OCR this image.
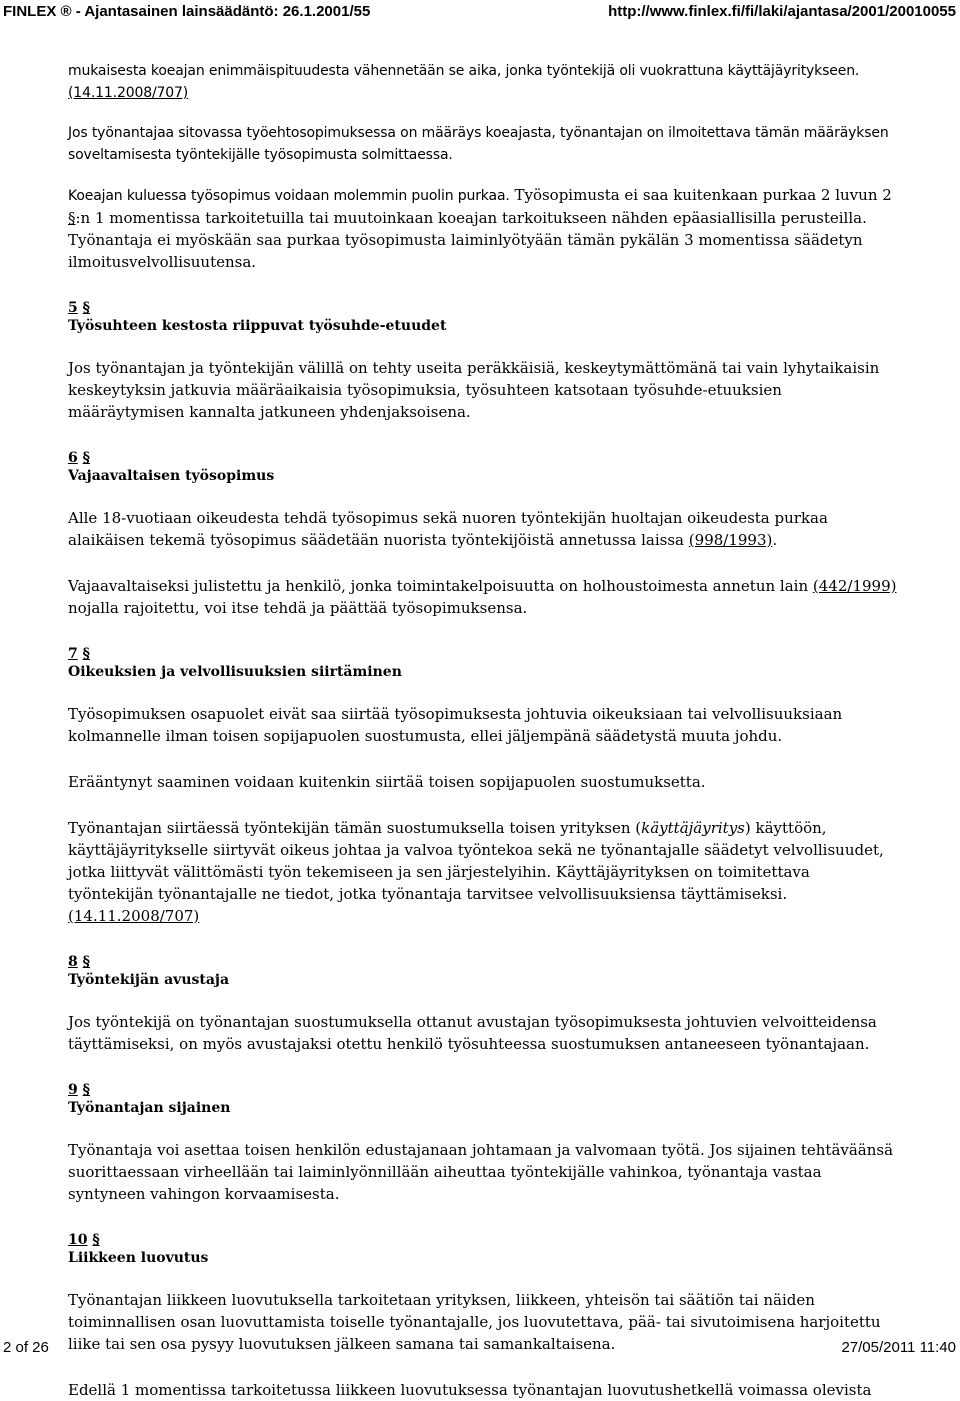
FINLEX ® - Ajantasainen lainsäädäntö: 26.1.2001/55	http://www.finlex.fi/fi/laki/ajantasa/2001/20010055

mukaisesta koeajan enimmäispituudesta vähennetään se aika, jonka työntekijä oli vuokrattuna käyttäjäyritykseen. (14.11.2008/707)

Jos työnantajaa sitovassa työehtosopimuksessa on määräys koeajasta, työnantajan on ilmoitettava tämän määräyksen soveltamisesta työntekijälle työsopimusta solmittaessa.

Koeajan kuluessa työsopimus voidaan molemmin puolin purkaa. Työsopimusta ei saa kuitenkaan purkaa 2 luvun 2 §:n 1 momentissa tarkoitetuilla tai muutoinkaan koeajan tarkoitukseen nähden epäasiallisilla perusteilla. Työnantaja ei myöskään saa purkaa työsopimusta laiminlyötyään tämän pykälän 3 momentissa säädetyn ilmoitusvelvollisuutensa.

5 §

Työsuhteen kestosta riippuvat työsuhde-etuudet

Jos työnantajan ja työntekijän välillä on tehty useita peräkkäisiä, keskeytymättömänä tai vain lyhytaikaisin keskeytyksin jatkuvia määräaikaisia työsopimuksia, työsuhteen katsotaan työsuhde-etuuksien määräytymisen kannalta jatkuneen yhdenjaksoisena.

6 §

Vajaavaltaisen työsopimus

Alle 18-vuotiaan oikeudesta tehdä työsopimus sekä nuoren työntekijän huoltajan oikeudesta purkaa alaikäisen tekemä työsopimus säädetään nuorista työntekijöistä annetussa laissa (998/1993).

Vajaavaltaiseksi julistettu ja henkilö, jonka toimintakelpoisuutta on holhoustoimesta annetun lain (442/1999) nojalla rajoitettu, voi itse tehdä ja päättää työsopimuksensa.

7 §

Oikeuksien ja velvollisuuksien siirtäminen

Työsopimuksen osapuolet eivät saa siirtää työsopimuksesta johtuvia oikeuksiaan tai velvollisuuksiaan kolmannelle ilman toisen sopijapuolen suostumusta, ellei jäljempänä säädetystä muuta johdu.

Erääntynyt saaminen voidaan kuitenkin siirtää toisen sopijapuolen suostumuksetta.

Työnantajan siirtäessä työntekijän tämän suostumuksella toisen yrityksen (käyttäjäyritys) käyttöön, käyttäjäyritykselle siirtyvät oikeus johtaa ja valvoa työntekoa sekä ne työnantajalle säädetyt velvollisuudet, jotka liittyvät välittömästi työn tekemiseen ja sen järjestelyihin. Käyttäjäyrityksen on toimitettava työntekijän työnantajalle ne tiedot, jotka työnantaja tarvitsee velvollisuuksiensa täyttämiseksi. (14.11.2008/707)

8 §

Työntekijän avustaja

Jos työntekijä on työnantajan suostumuksella ottanut avustajan työsopimuksesta johtuvien velvoitteidensa täyttämiseksi, on myös avustajaksi otettu henkilö työsuhteessa suostumuksen antaneeseen työnantajaan.

9 §

Työnantajan sijainen

Työnantaja voi asettaa toisen henkilön edustajanaan johtamaan ja valvomaan työtä. Jos sijainen tehtäväänsä suorittaessaan virheellään tai laiminlyönnillään aiheuttaa työntekijälle vahinkoa, työnantaja vastaa syntyneen vahingon korvaamisesta.

10 §

Liikkeen luovutus

Työnantajan liikkeen luovutuksella tarkoitetaan yrityksen, liikkeen, yhteisön tai säätiön tai näiden toiminnallisen osan luovuttamista toiselle työnantajalle, jos luovutettava, pää- tai sivutoimisena harjoitettu liike tai sen osa pysyy luovutuksen jälkeen samana tai samankaltaisena.

Edellä 1 momentissa tarkoitetussa liikkeen luovutuksessa työnantajan luovutushetkellä voimassa olevista

2 of 26	27/05/2011 11:40
